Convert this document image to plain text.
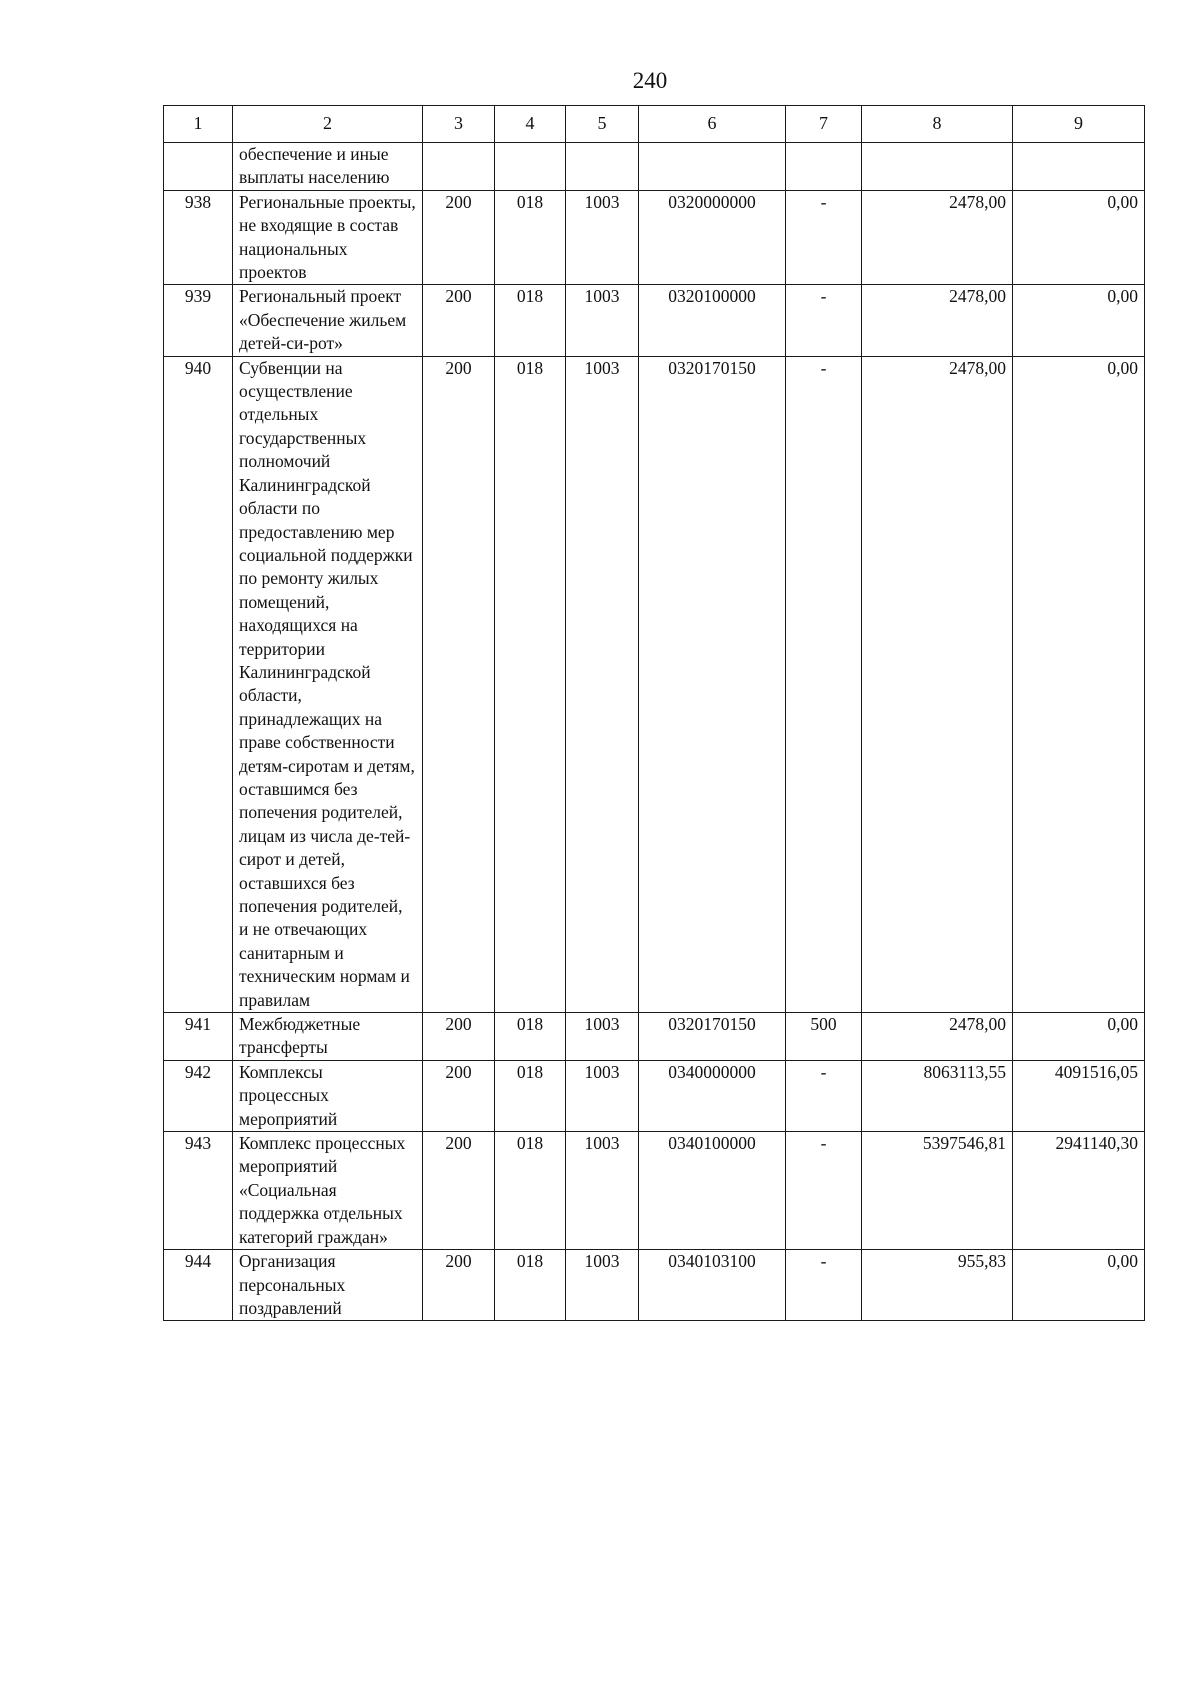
240
1	2	3	4	5	6	7	8	9
	обеспечение и иные выплаты населению							
938	Региональные проекты, не входящие в состав национальных проектов	200	018	1003	0320000000	-	2478,00	0,00
939	Региональный проект «Обеспечение жильем детей-си-рот»	200	018	1003	0320100000	-	2478,00	0,00
940	Субвенции на осуществление отдельных государственных полномочий Калининградской области по предоставлению мер социальной поддержки по ремонту жилых помещений, находящихся на территории Калининградской области, принадлежащих на праве собственности детям-сиротам и детям, оставшимся без попечения родителей, лицам из числа де-тей-сирот и детей, оставшихся без попечения родителей, и не отвечающих санитарным и техническим нормам и правилам	200	018	1003	0320170150	-	2478,00	0,00
941	Межбюджетные трансферты	200	018	1003	0320170150	500	2478,00	0,00
942	Комплексы процессных мероприятий	200	018	1003	0340000000	-	8063113,55	4091516,05
943	Комплекс процессных мероприятий «Социальная поддержка отдельных категорий граждан»	200	018	1003	0340100000	-	5397546,81	2941140,30
944	Организация персональных поздравлений	200	018	1003	0340103100	-	955,83	0,00
